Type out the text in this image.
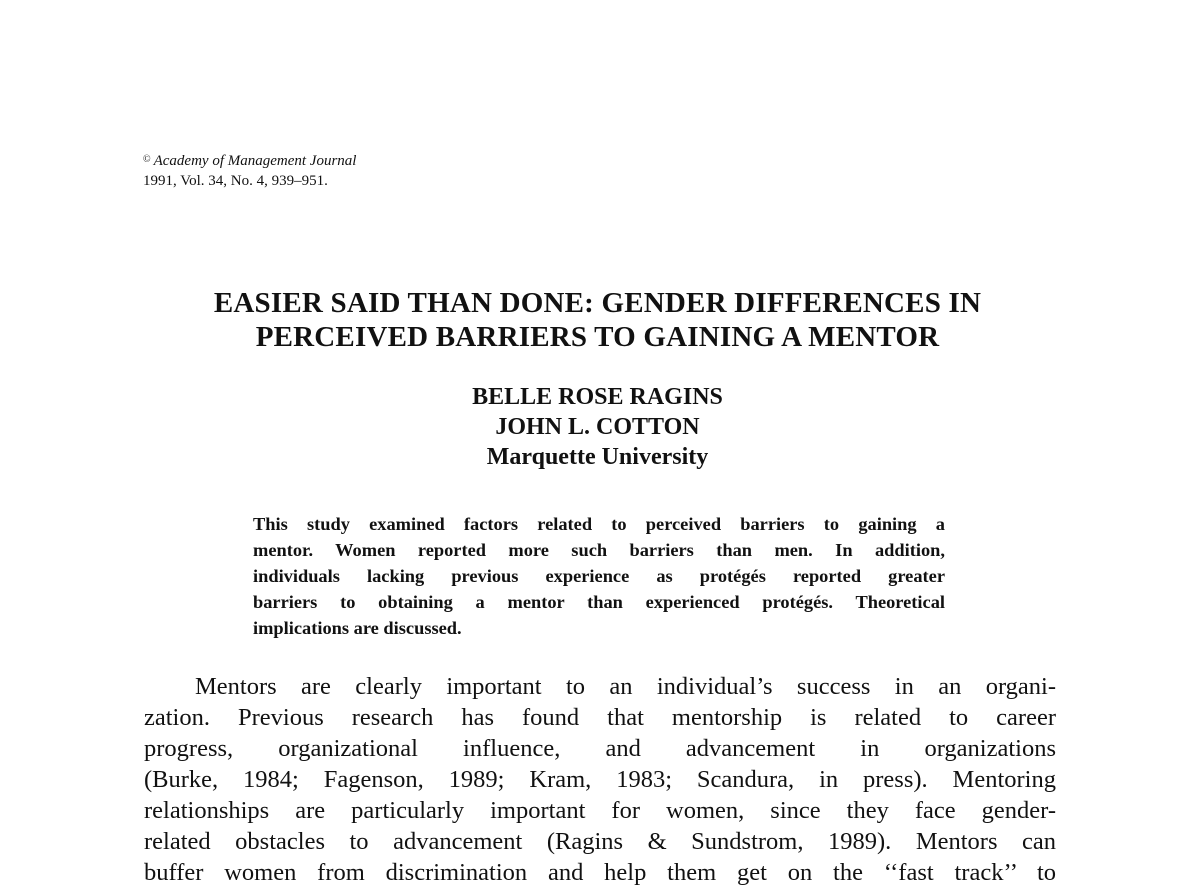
© Academy of Management Journal
1991, Vol. 34, No. 4, 939–951.
EASIER SAID THAN DONE: GENDER DIFFERENCES IN
PERCEIVED BARRIERS TO GAINING A MENTOR
BELLE ROSE RAGINS
JOHN L. COTTON
Marquette University
This study examined factors related to perceived barriers to gaining a
mentor. Women reported more such barriers than men. In addition,
individuals lacking previous experience as protégés reported greater
barriers to obtaining a mentor than experienced protégés. Theoretical
implications are discussed.
Mentors are clearly important to an individual’s success in an organi-
zation. Previous research has found that mentorship is related to career
progress, organizational influence, and advancement in organizations
(Burke, 1984; Fagenson, 1989; Kram, 1983; Scandura, in press). Mentoring
relationships are particularly important for women, since they face gender-
related obstacles to advancement (Ragins & Sundstrom, 1989). Mentors can
buffer women from discrimination and help them get on the ‘‘fast track’’ to
